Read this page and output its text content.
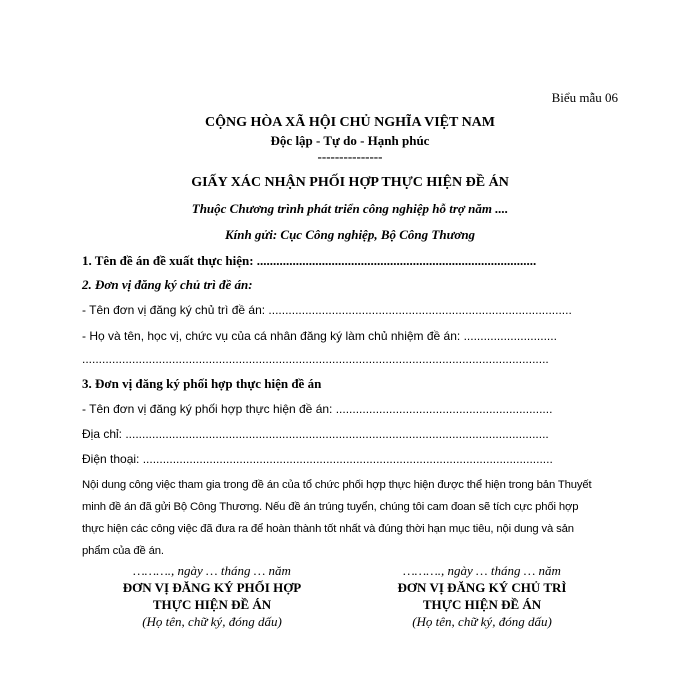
Biểu mẫu 06
CỘNG HÒA XÃ HỘI CHỦ NGHĨA VIỆT NAM
Độc lập - Tự do - Hạnh phúc
---------------
GIẤY XÁC NHẬN PHỐI HỢP THỰC HIỆN ĐỀ ÁN
Thuộc Chương trình phát triển công nghiệp hỗ trợ năm ....
Kính gửi: Cục Công nghiệp, Bộ Công Thương
1. Tên đề án đề xuất thực hiện: ......................................................................................
2. Đơn vị đăng ký chủ trì đề án:
- Tên đơn vị đăng ký chủ trì đề án: ...........................................................................................
- Họ và tên, học vị, chức vụ của cá nhân đăng ký làm chủ nhiệm đề án: ............................
............................................................................................................................................
3. Đơn vị đăng ký phối hợp thực hiện đề án
- Tên đơn vị đăng ký phối hợp thực hiện đề án: .................................................................
Địa chỉ: ...............................................................................................................................
Điện thoại: ...........................................................................................................................

Nội dung công việc tham gia trong đề án của tổ chức phối hợp thực hiện được thể hiện trong bản Thuyết

minh đề án đã gửi Bộ Công Thương. Nếu đề án trúng tuyển, chúng tôi cam đoan sẽ tích cực phối hợp

thực hiện các công việc đã đưa ra để hoàn thành tốt nhất và đúng thời hạn mục tiêu, nội dung và sản

phẩm của đề án.

………., ngày … tháng … năm
ĐƠN VỊ ĐĂNG KÝ PHỐI HỢP
THỰC HIỆN ĐỀ ÁN
(Họ tên, chữ ký, đóng dấu)
………., ngày … tháng … năm
ĐƠN VỊ ĐĂNG KÝ CHỦ TRÌ
THỰC HIỆN ĐỀ ÁN
(Họ tên, chữ ký, đóng dấu)
